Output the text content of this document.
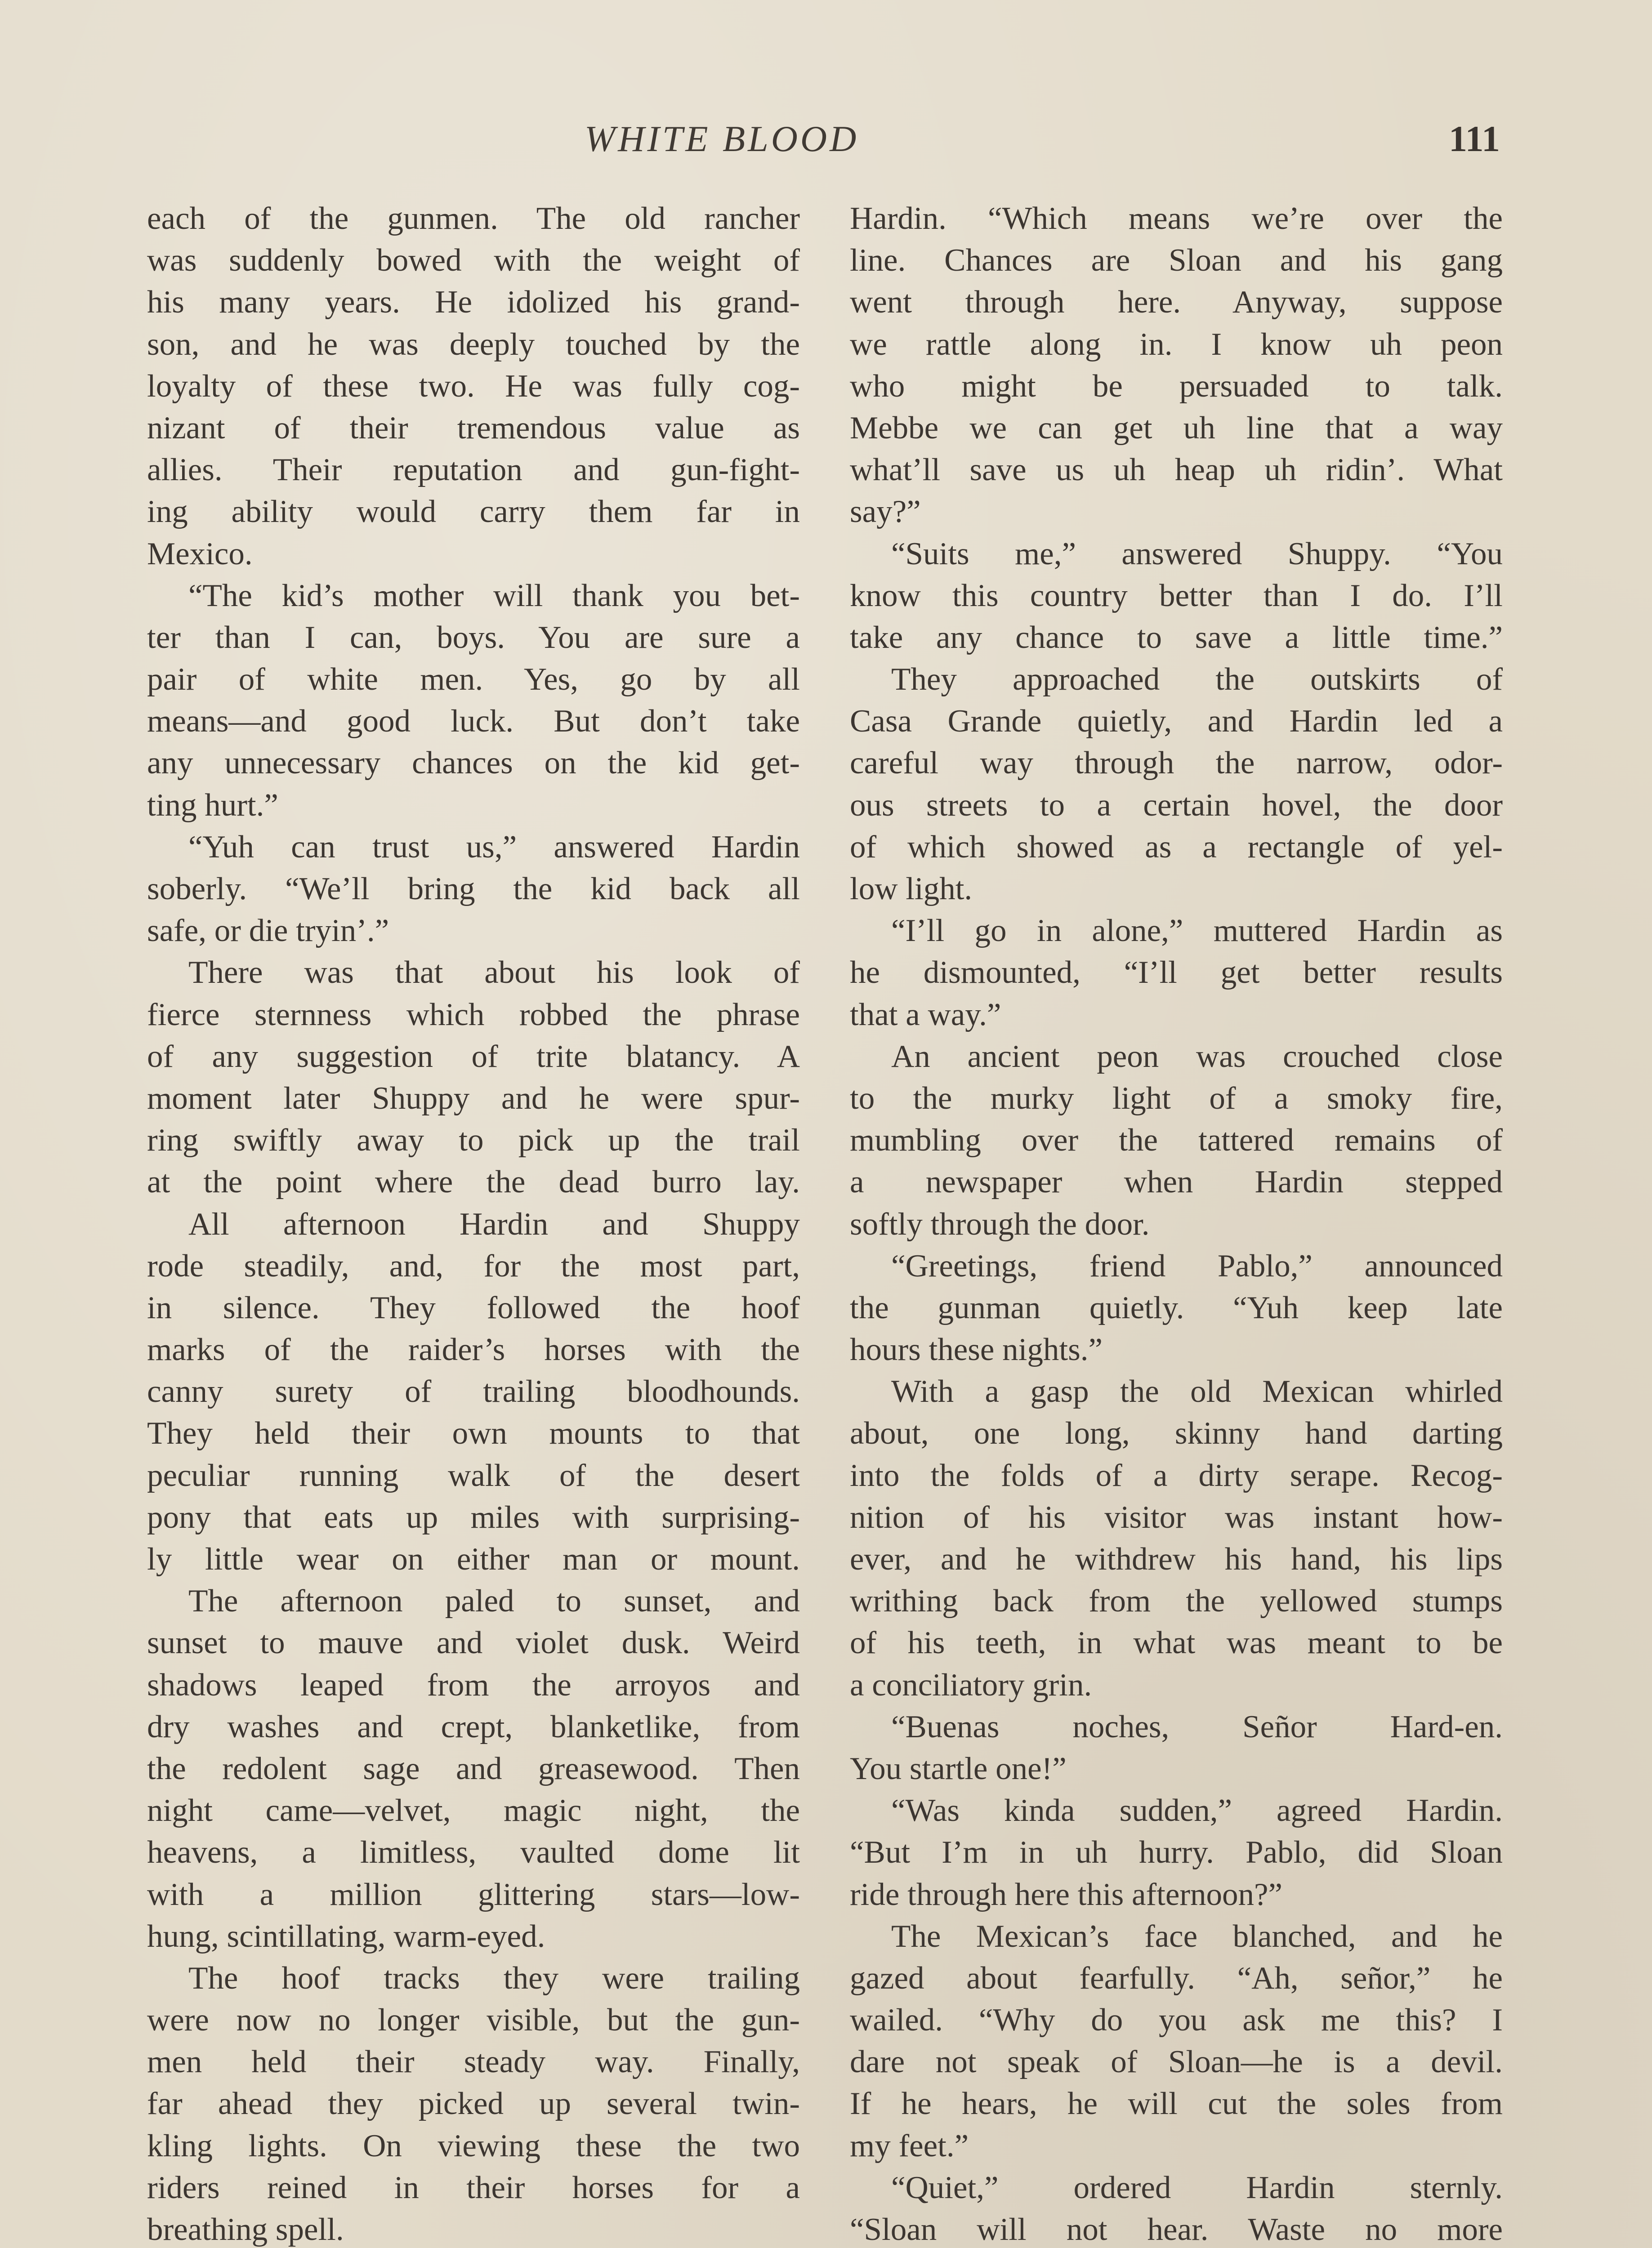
WHITE BLOOD	111
each of the gunmen. The old rancher
was suddenly bowed with the weight of
his many years. He idolized his grand-
son, and he was deeply touched by the
loyalty of these two. He was fully cog-
nizant of their tremendous value as
allies. Their reputation and gun-fight-
ing ability would carry them far in
Mexico.
“The kid’s mother will thank you bet-
ter than I can, boys. You are sure a
pair of white men. Yes, go by all
means—and good luck. But don’t take
any unnecessary chances on the kid get-
ting hurt.”
“Yuh can trust us,” answered Hardin
soberly. “We’ll bring the kid back all
safe, or die tryin’.”
There was that about his look of
fierce sternness which robbed the phrase
of any suggestion of trite blatancy. A
moment later Shuppy and he were spur-
ring swiftly away to pick up the trail
at the point where the dead burro lay.
All afternoon Hardin and Shuppy
rode steadily, and, for the most part,
in silence. They followed the hoof
marks of the raider’s horses with the
canny surety of trailing bloodhounds.
They held their own mounts to that
peculiar running walk of the desert
pony that eats up miles with surprising-
ly little wear on either man or mount.
The afternoon paled to sunset, and
sunset to mauve and violet dusk. Weird
shadows leaped from the arroyos and
dry washes and crept, blanketlike, from
the redolent sage and greasewood. Then
night came—velvet, magic night, the
heavens, a limitless, vaulted dome lit
with a million glittering stars—low-
hung, scintillating, warm-eyed.
The hoof tracks they were trailing
were now no longer visible, but the gun-
men held their steady way. Finally,
far ahead they picked up several twin-
kling lights. On viewing these the two
riders reined in their horses for a
breathing spell.
Hardin. “Which means we’re over the
line. Chances are Sloan and his gang
went through here. Anyway, suppose
we rattle along in. I know uh peon
who might be persuaded to talk.
Mebbe we can get uh line that a way
what’ll save us uh heap uh ridin’. What
say?”
“Suits me,” answered Shuppy. “You
know this country better than I do. I’ll
take any chance to save a little time.”
They approached the outskirts of
Casa Grande quietly, and Hardin led a
careful way through the narrow, odor-
ous streets to a certain hovel, the door
of which showed as a rectangle of yel-
low light.
“I’ll go in alone,” muttered Hardin as
he dismounted, “I’ll get better results
that a way.”
An ancient peon was crouched close
to the murky light of a smoky fire,
mumbling over the tattered remains of
a newspaper when Hardin stepped
softly through the door.
“Greetings, friend Pablo,” announced
the gunman quietly. “Yuh keep late
hours these nights.”
With a gasp the old Mexican whirled
about, one long, skinny hand darting
into the folds of a dirty serape. Recog-
nition of his visitor was instant how-
ever, and he withdrew his hand, his lips
writhing back from the yellowed stumps
of his teeth, in what was meant to be
a conciliatory grin.
“Buenas noches, Señor Hard-en.
You startle one!”
“Was kinda sudden,” agreed Hardin.
“But I’m in uh hurry. Pablo, did Sloan
ride through here this afternoon?”
The Mexican’s face blanched, and he
gazed about fearfully. “Ah, señor,” he
wailed. “Why do you ask me this? I
dare not speak of Sloan—he is a devil.
If he hears, he will cut the soles from
my feet.”
“Quiet,” ordered Hardin sternly.
“Sloan will not hear. Waste no more
